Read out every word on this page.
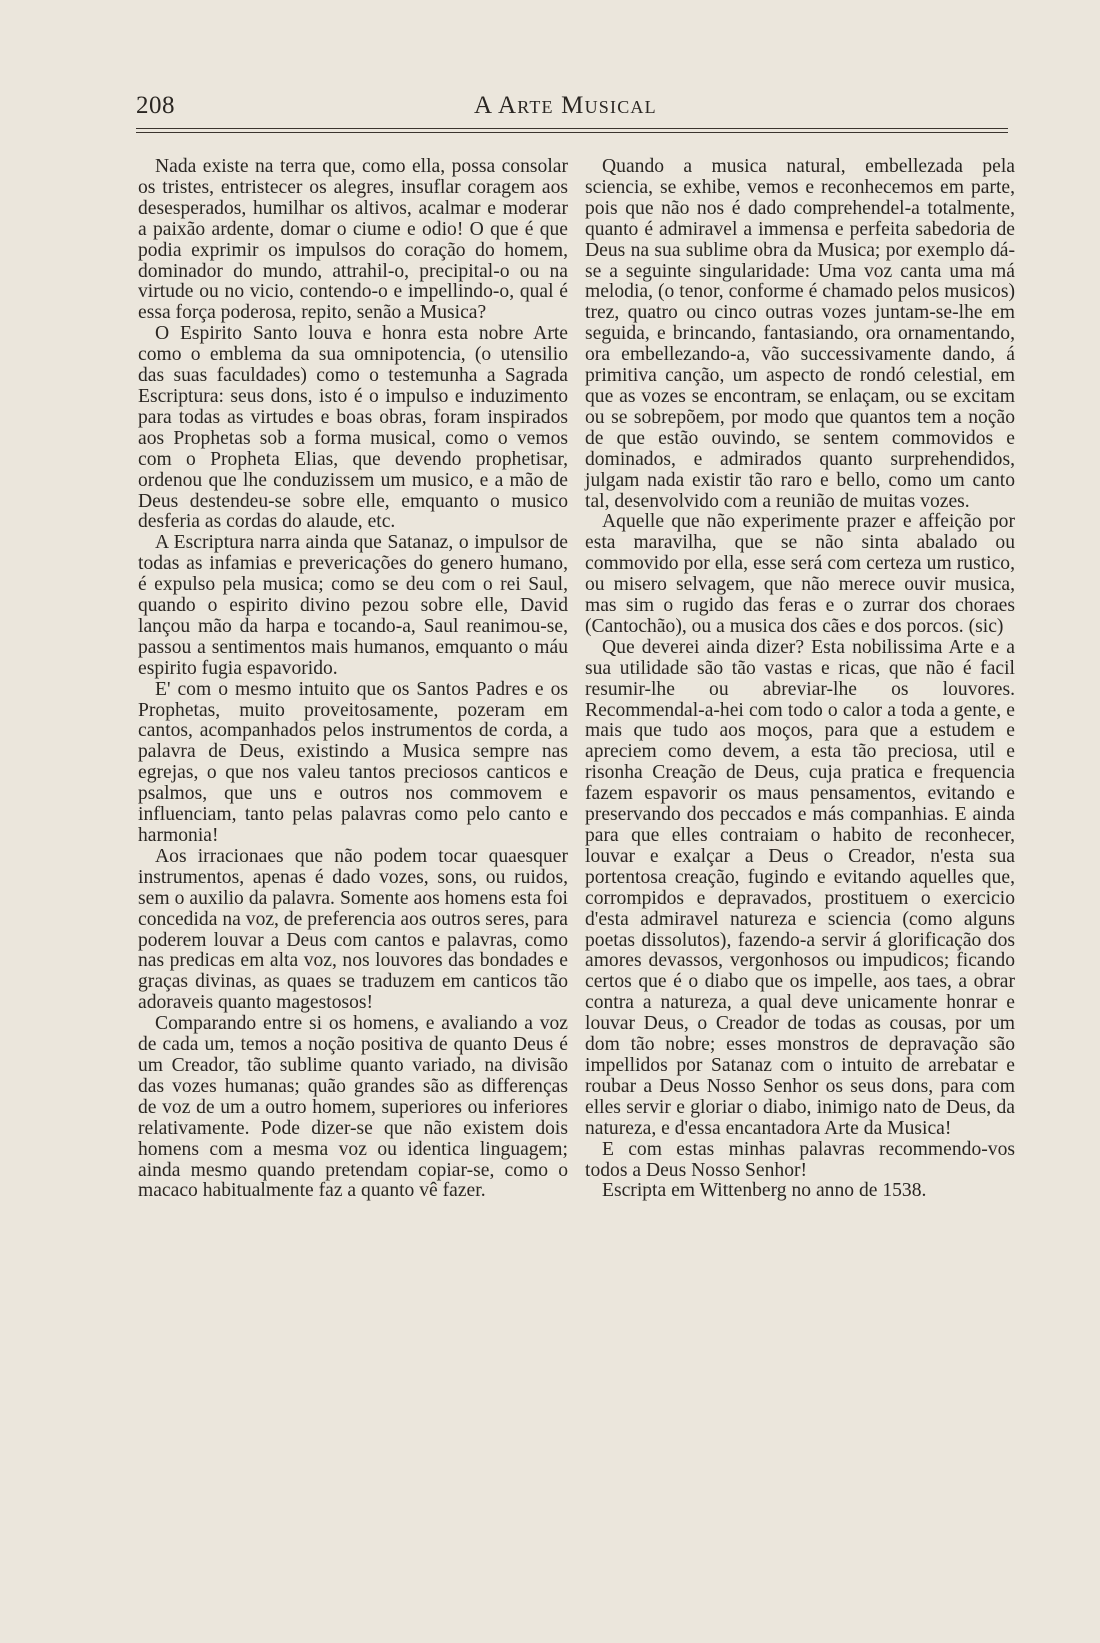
208	A Arte Musical

Nada existe na terra que, como ella, possa consolar os tristes, entristecer os alegres, insuflar coragem aos desesperados, humilhar os altivos, acalmar e moderar a paixão ardente, domar o ciume e odio! O que é que podia exprimir os impulsos do coração do homem, dominador do mundo, attrahil-o, precipital-o ou na virtude ou no vicio, contendo-o e impellindo-o, qual é essa força poderosa, repito, senão a Musica?

O Espirito Santo louva e honra esta nobre Arte como o emblema da sua omnipotencia, (o utensilio das suas faculdades) como o testemunha a Sagrada Escriptura: seus dons, isto é o impulso e induzimento para todas as virtudes e boas obras, foram inspirados aos Prophetas sob a forma musical, como o vemos com o Propheta Elias, que devendo prophetisar, ordenou que lhe conduzissem um musico, e a mão de Deus destendeu-se sobre elle, emquanto o musico desferia as cordas do alaude, etc.

A Escriptura narra ainda que Satanaz, o impulsor de todas as infamias e prevericações do genero humano, é expulso pela musica; como se deu com o rei Saul, quando o espirito divino pezou sobre elle, David lançou mão da harpa e tocando-a, Saul reanimou-se, passou a sentimentos mais humanos, emquanto o máu espirito fugia espavorido.

E' com o mesmo intuito que os Santos Padres e os Prophetas, muito proveitosamente, pozeram em cantos, acompanhados pelos instrumentos de corda, a palavra de Deus, existindo a Musica sempre nas egrejas, o que nos valeu tantos preciosos canticos e psalmos, que uns e outros nos commovem e influenciam, tanto pelas palavras como pelo canto e harmonia!

Aos irracionaes que não podem tocar quaesquer instrumentos, apenas é dado vozes, sons, ou ruidos, sem o auxilio da palavra. Somente aos homens esta foi concedida na voz, de preferencia aos outros seres, para poderem louvar a Deus com cantos e palavras, como nas predicas em alta voz, nos louvores das bondades e graças divinas, as quaes se traduzem em canticos tão adoraveis quanto magestosos!

Comparando entre si os homens, e avaliando a voz de cada um, temos a noção positiva de quanto Deus é um Creador, tão sublime quanto variado, na divisão das vozes humanas; quão grandes são as differenças de voz de um a outro homem, superiores ou inferiores relativamente. Pode dizer-se que não existem dois homens com a mesma voz ou identica linguagem; ainda mesmo quando pretendam copiar-se, como o macaco habitualmente faz a quanto vê fazer.

Quando a musica natural, embellezada pela sciencia, se exhibe, vemos e reconhecemos em parte, pois que não nos é dado comprehendel-a totalmente, quanto é admiravel a immensa e perfeita sabedoria de Deus na sua sublime obra da Musica; por exemplo dá-se a seguinte singularidade: Uma voz canta uma má melodia, (o tenor, conforme é chamado pelos musicos) trez, quatro ou cinco outras vozes juntam-se-lhe em seguida, e brincando, fantasiando, ora ornamentando, ora embellezando-a, vão successivamente dando, á primitiva canção, um aspecto de rondó celestial, em que as vozes se encontram, se enlaçam, ou se excitam ou se sobrepõem, por modo que quantos tem a noção de que estão ouvindo, se sentem commovidos e dominados, e admirados quanto surprehendidos, julgam nada existir tão raro e bello, como um canto tal, desenvolvido com a reunião de muitas vozes.

Aquelle que não experimente prazer e affeição por esta maravilha, que se não sinta abalado ou commovido por ella, esse será com certeza um rustico, ou misero selvagem, que não merece ouvir musica, mas sim o rugido das feras e o zurrar dos choraes (Cantochão), ou a musica dos cães e dos porcos. (sic)

Que deverei ainda dizer? Esta nobilissima Arte e a sua utilidade são tão vastas e ricas, que não é facil resumir-lhe ou abreviar-lhe os louvores. Recommendal-a-hei com todo o calor a toda a gente, e mais que tudo aos moços, para que a estudem e apreciem como devem, a esta tão preciosa, util e risonha Creação de Deus, cuja pratica e frequencia fazem espavorir os maus pensamentos, evitando e preservando dos peccados e más companhias. E ainda para que elles contraiam o habito de reconhecer, louvar e exalçar a Deus o Creador, n'esta sua portentosa creação, fugindo e evitando aquelles que, corrompidos e depravados, prostituem o exercicio d'esta admiravel natureza e sciencia (como alguns poetas dissolutos), fazendo-a servir á glorificação dos amores devassos, vergonhosos ou impudicos; ficando certos que é o diabo que os impelle, aos taes, a obrar contra a natureza, a qual deve unicamente honrar e louvar Deus, o Creador de todas as cousas, por um dom tão nobre; esses monstros de depravação são impellidos por Satanaz com o intuito de arrebatar e roubar a Deus Nosso Senhor os seus dons, para com elles servir e gloriar o diabo, inimigo nato de Deus, da natureza, e d'essa encantadora Arte da Musica!

E com estas minhas palavras recommendo-vos todos a Deus Nosso Senhor!

Escripta em Wittenberg no anno de 1538.
